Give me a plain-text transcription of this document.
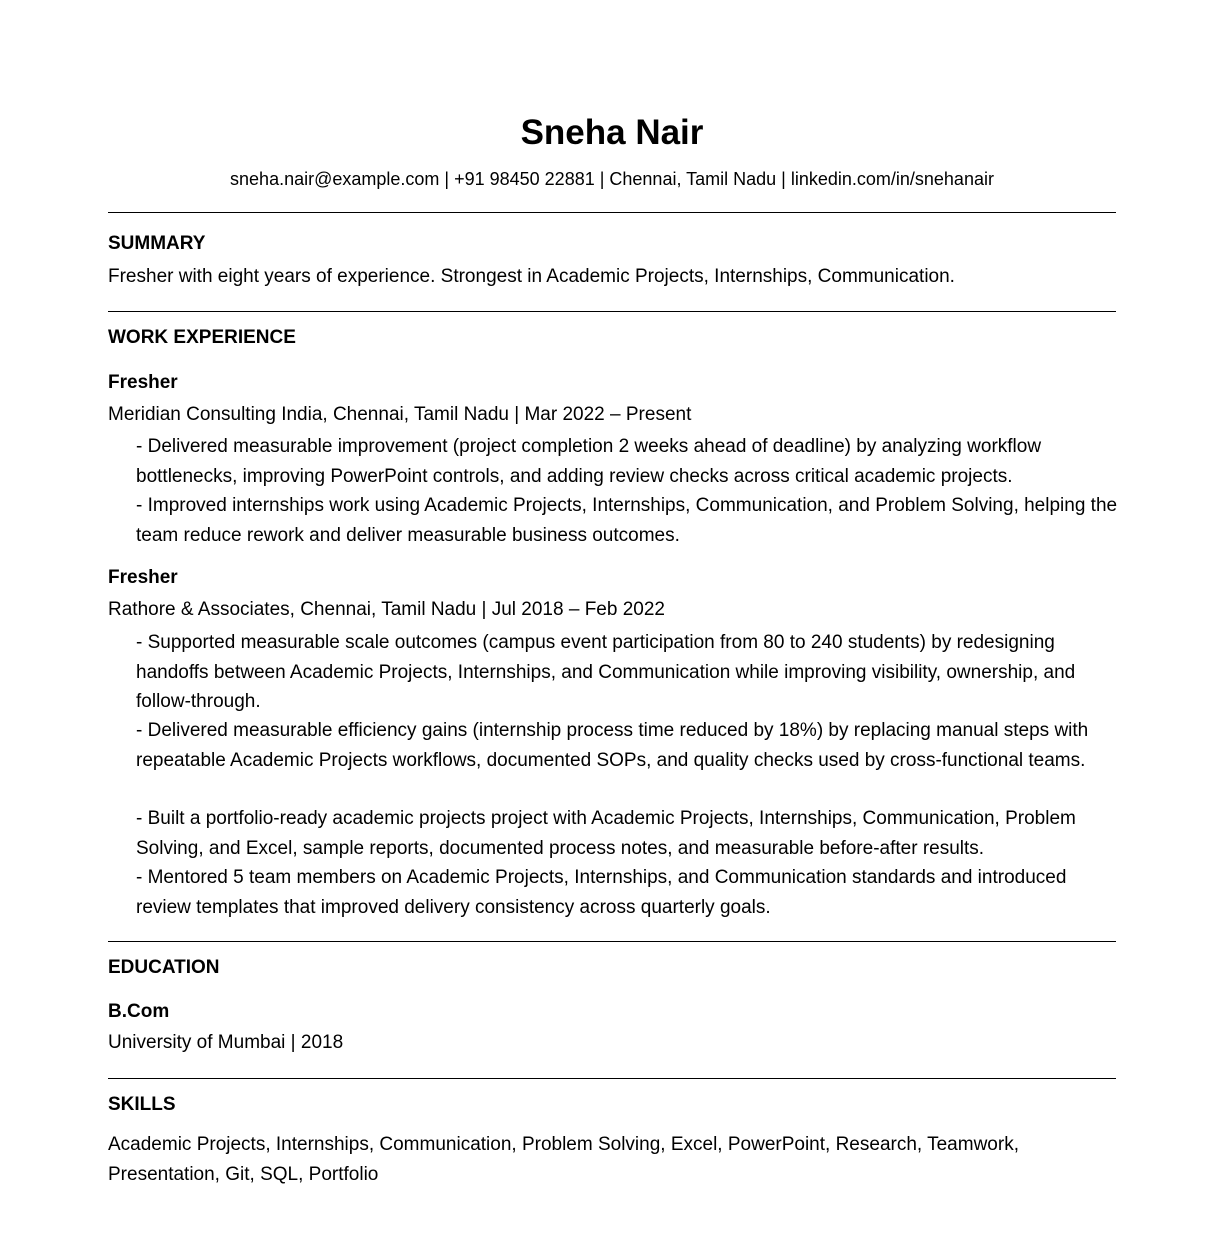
Sneha Nair
sneha.nair@example.com | +91 98450 22881 | Chennai, Tamil Nadu | linkedin.com/in/snehanair
SUMMARY
Fresher with eight years of experience. Strongest in Academic Projects, Internships, Communication.
WORK EXPERIENCE
Fresher
Meridian Consulting India, Chennai, Tamil Nadu | Mar 2022 – Present
- Delivered measurable improvement (project completion 2 weeks ahead of deadline) by analyzing workflow bottlenecks, improving PowerPoint controls, and adding review checks across critical academic projects.
- Improved internships work using Academic Projects, Internships, Communication, and Problem Solving, helping the team reduce rework and deliver measurable business outcomes.
Fresher
Rathore & Associates, Chennai, Tamil Nadu | Jul 2018 – Feb 2022
- Supported measurable scale outcomes (campus event participation from 80 to 240 students) by redesigning handoffs between Academic Projects, Internships, and Communication while improving visibility, ownership, and follow-through.
- Delivered measurable efficiency gains (internship process time reduced by 18%) by replacing manual steps with repeatable Academic Projects workflows, documented SOPs, and quality checks used by cross-functional teams.
- Built a portfolio-ready academic projects project with Academic Projects, Internships, Communication, Problem Solving, and Excel, sample reports, documented process notes, and measurable before-after results.
- Mentored 5 team members on Academic Projects, Internships, and Communication standards and introduced review templates that improved delivery consistency across quarterly goals.
EDUCATION
B.Com
University of Mumbai | 2018
SKILLS
Academic Projects, Internships, Communication, Problem Solving, Excel, PowerPoint, Research, Teamwork, Presentation, Git, SQL, Portfolio
